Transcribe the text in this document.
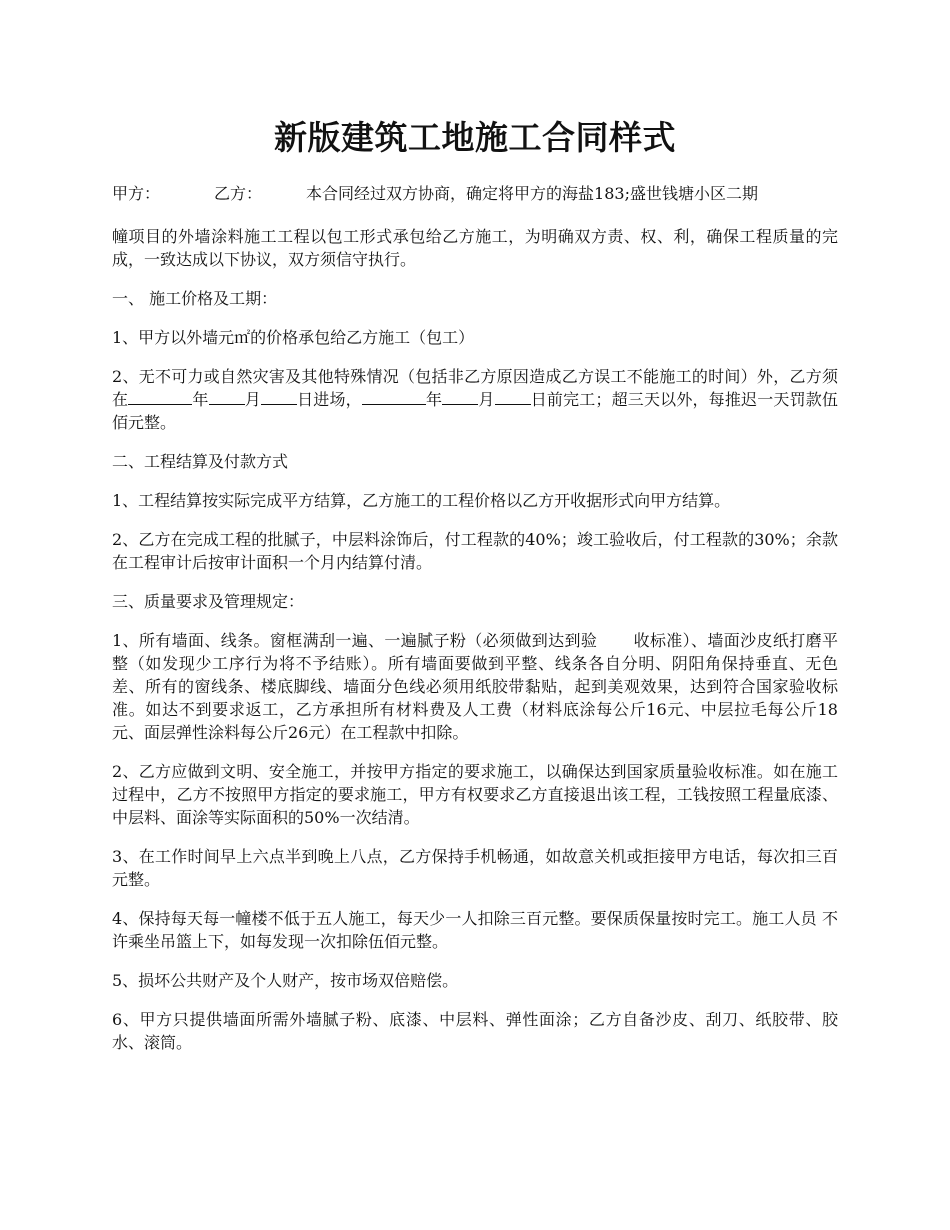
新版建筑工地施工合同样式
甲方：	乙方：	本合同经过双方协商，确定将甲方的海盐183;盛世钱塘小区二期

幢项目的外墙涂料施工工程以包工形式承包给乙方施工，为明确双方责、权、利，确保工程质量的完成，一致达成以下协议，双方须信守执行。

一、 施工价格及工期：

1、甲方以外墙元㎡的价格承包给乙方施工（包工）

2、无不可力或自然灾害及其他特殊情况（包括非乙方原因造成乙方误工不能施工的时间）外，乙方须在	年 月 日进场，	年 月 日前完工；超三天以外，每推迟一天罚款伍佰元整。

二、工程结算及付款方式

1、工程结算按实际完成平方结算，乙方施工的工程价格以乙方开收据形式向甲方结算。

2、乙方在完成工程的批腻子，中层料涂饰后，付工程款的40%；竣工验收后，付工程款的30%；余款在工程审计后按审计面积一个月内结算付清。

三、质量要求及管理规定：

1、所有墙面、线条。窗框满刮一遍、一遍腻子粉（必须做到达到验 收标准）、墙面沙皮纸打磨平整（如发现少工序行为将不予结账）。所有墙面要做到平整、线条各自分明、阴阳角保持垂直、无色差、所有的窗线条、楼底脚线、墙面分色线必须用纸胶带黏贴，起到美观效果，达到符合国家验收标准。如达不到要求返工，乙方承担所有材料费及人工费（材料底涂每公斤16元、中层拉毛每公斤18元、面层弹性涂料每公斤26元）在工程款中扣除。

2、乙方应做到文明、安全施工，并按甲方指定的要求施工，以确保达到国家质量验收标准。如在施工过程中，乙方不按照甲方指定的要求施工，甲方有权要求乙方直接退出该工程，工钱按照工程量底漆、中层料、面涂等实际面积的50%一次结清。

3、在工作时间早上六点半到晚上八点，乙方保持手机畅通，如故意关机或拒接甲方电话，每次扣三百元整。

4、保持每天每一幢楼不低于五人施工，每天少一人扣除三百元整。要保质保量按时完工。施工人员 不许乘坐吊篮上下，如每发现一次扣除伍佰元整。

5、损坏公共财产及个人财产，按市场双倍赔偿。

6、甲方只提供墙面所需外墙腻子粉、底漆、中层料、弹性面涂；乙方自备沙皮、刮刀、纸胶带、胶水、滚筒。
